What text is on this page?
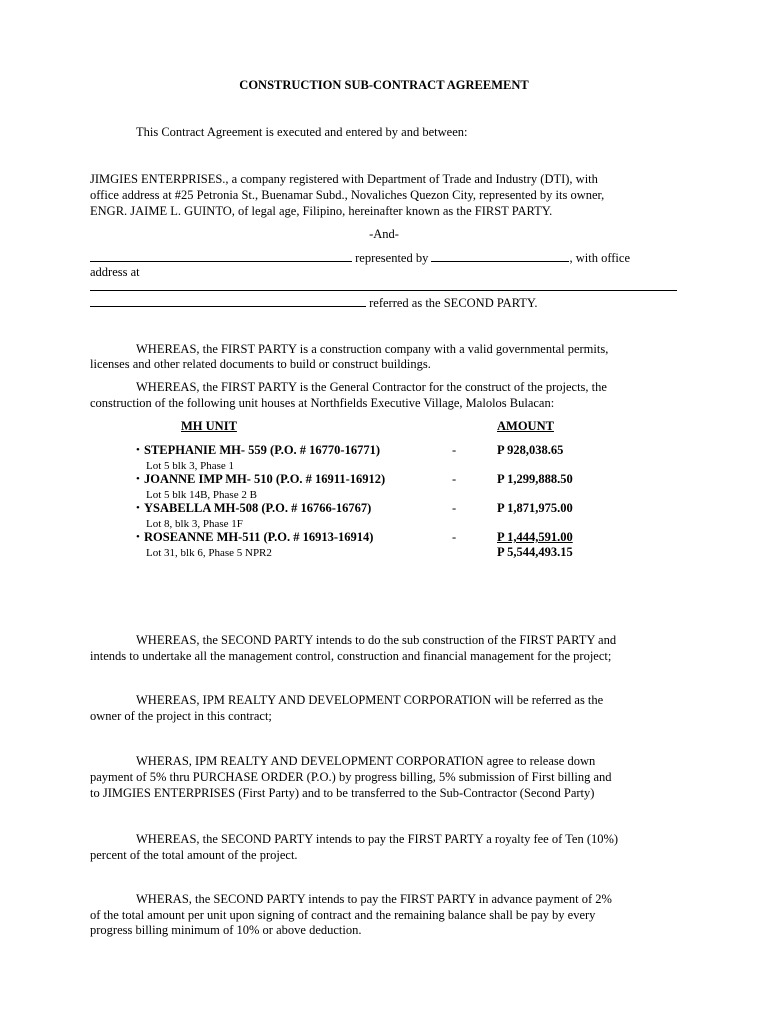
CONSTRUCTION SUB-CONTRACT AGREEMENT
This Contract Agreement is executed and entered by and between:
JIMGIES ENTERPRISES., a company registered with Department of Trade and Industry (DTI), with
office address at #25 Petronia St., Buenamar Subd., Novaliches Quezon City, represented by its owner,
ENGR. JAIME L. GUINTO, of legal age, Filipino, hereinafter known as the FIRST PARTY.
-And-
represented by	, with office
address at
referred as the SECOND PARTY.
WHEREAS, the FIRST PARTY is a construction company with a valid governmental permits,
licenses and other related documents to build or construct buildings.
WHEREAS, the FIRST PARTY is the General Contractor for the construct of the projects, the
construction of the following unit houses at Northfields Executive Village, Malolos Bulacan:
MH UNIT	AMOUNT
• STEPHANIE MH- 559 (P.O. # 16770-16771)	-	P 928,038.65
Lot 5 blk 3, Phase 1
• JOANNE IMP MH- 510 (P.O. # 16911-16912)	-	P 1,299,888.50
Lot 5 blk 14B, Phase 2 B
• YSABELLA MH-508 (P.O. # 16766-16767)	-	P 1,871,975.00
Lot 8, blk 3, Phase 1F
• ROSEANNE MH-511 (P.O. # 16913-16914)	-	P 1,444,591.00
Lot 31, blk 6, Phase 5 NPR2	P 5,544,493.15
WHEREAS, the SECOND PARTY intends to do the sub construction of the FIRST PARTY and
intends to undertake all the management control, construction and financial management for the project;
WHEREAS, IPM REALTY AND DEVELOPMENT CORPORATION will be referred as the
owner of the project in this contract;
WHERAS, IPM REALTY AND DEVELOPMENT CORPORATION agree to release down
payment of 5% thru PURCHASE ORDER (P.O.) by progress billing, 5% submission of First billing and
to JIMGIES ENTERPRISES (First Party) and to be transferred to the Sub-Contractor (Second Party)
WHEREAS, the SECOND PARTY intends to pay the FIRST PARTY a royalty fee of Ten (10%)
percent of the total amount of the project.
WHERAS, the SECOND PARTY intends to pay the FIRST PARTY in advance payment of 2%
of the total amount per unit upon signing of contract and the remaining balance shall be pay by every
progress billing minimum of 10% or above deduction.
